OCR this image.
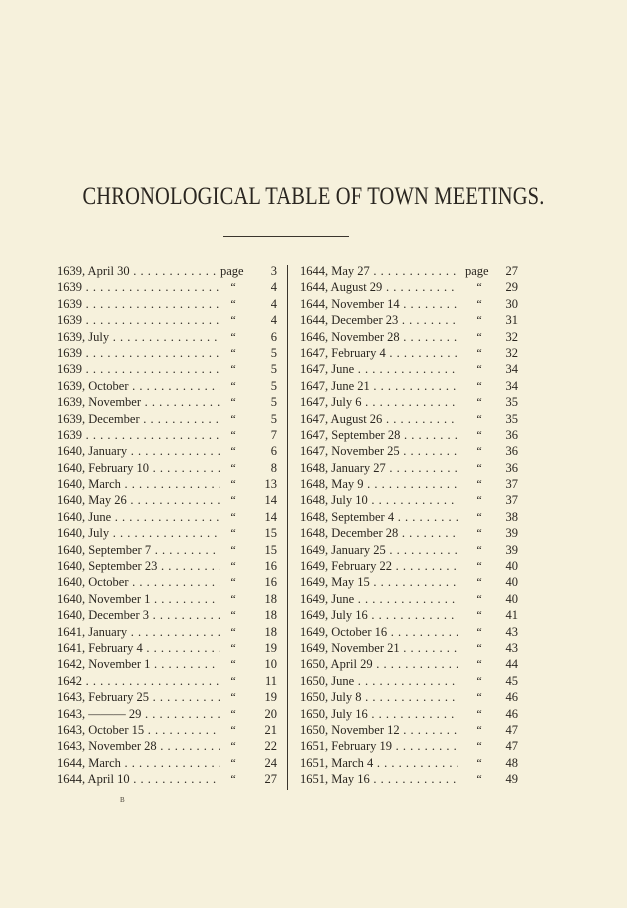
CHRONOLOGICAL TABLE OF TOWN MEETINGS.
1639, April 30 . . .	page	3
1639 . . .	“	4
1639 . . .	“	4
1639 . . .	“	4
1639, July . . .	“	6
1639 . . .	“	5
1639 . . .	“	5
1639, October . . .	“	5
1639, November . . .	“	5
1639, December . . .	“	5
1639 . . .	“	7
1640, January . . .	“	6
1640, February 10 . . .	“	8
1640, March . . .	“	13
1640, May 26 . . .	“	14
1640, June . . .	“	14
1640, July . . .	“	15
1640, September 7 . . .	“	15
1640, September 23 . . .	“	16
1640, October . . .	“	16
1640, November 1 . . .	“	18
1640, December 3 . . .	“	18
1641, January . . .	“	18
1641, February 4 . . .	“	19
1642, November 1 . . .	“	10
1642 . . .	“	11
1643, February 25 . . .	“	19
1643, ——— 29 . . .	“	20
1643, October 15 . . .	“	21
1643, November 28 . . .	“	22
1644, March . . .	“	24
1644, April 10 . . .	“	27
1644, May 27 . . .	page	27
1644, August 29 . . .	“	29
1644, November 14 . . .	“	30
1644, December 23 . . .	“	31
1646, November 28 . . .	“	32
1647, February 4 . . .	“	32
1647, June . . .	“	34
1647, June 21 . . .	“	34
1647, July 6 . . .	“	35
1647, August 26 . . .	“	35
1647, September 28 . . .	“	36
1647, November 25 . . .	“	36
1648, January 27 . . .	“	36
1648, May 9 . . .	“	37
1648, July 10 . . .	“	37
1648, September 4 . . .	“	38
1648, December 28 . . .	“	39
1649, January 25 . . .	“	39
1649, February 22 . . .	“	40
1649, May 15 . . .	“	40
1649, June . . .	“	40
1649, July 16 . . .	“	41
1649, October 16 . . .	“	43
1649, November 21 . . .	“	43
1650, April 29 . . .	“	44
1650, June . . .	“	45
1650, July 8 . . .	“	46
1650, July 16 . . .	“	46
1650, November 12 . . .	“	47
1651, February 19 . . .	“	47
1651, March 4 . . .	“	48
1651, May 16 . . .	“	49
B
